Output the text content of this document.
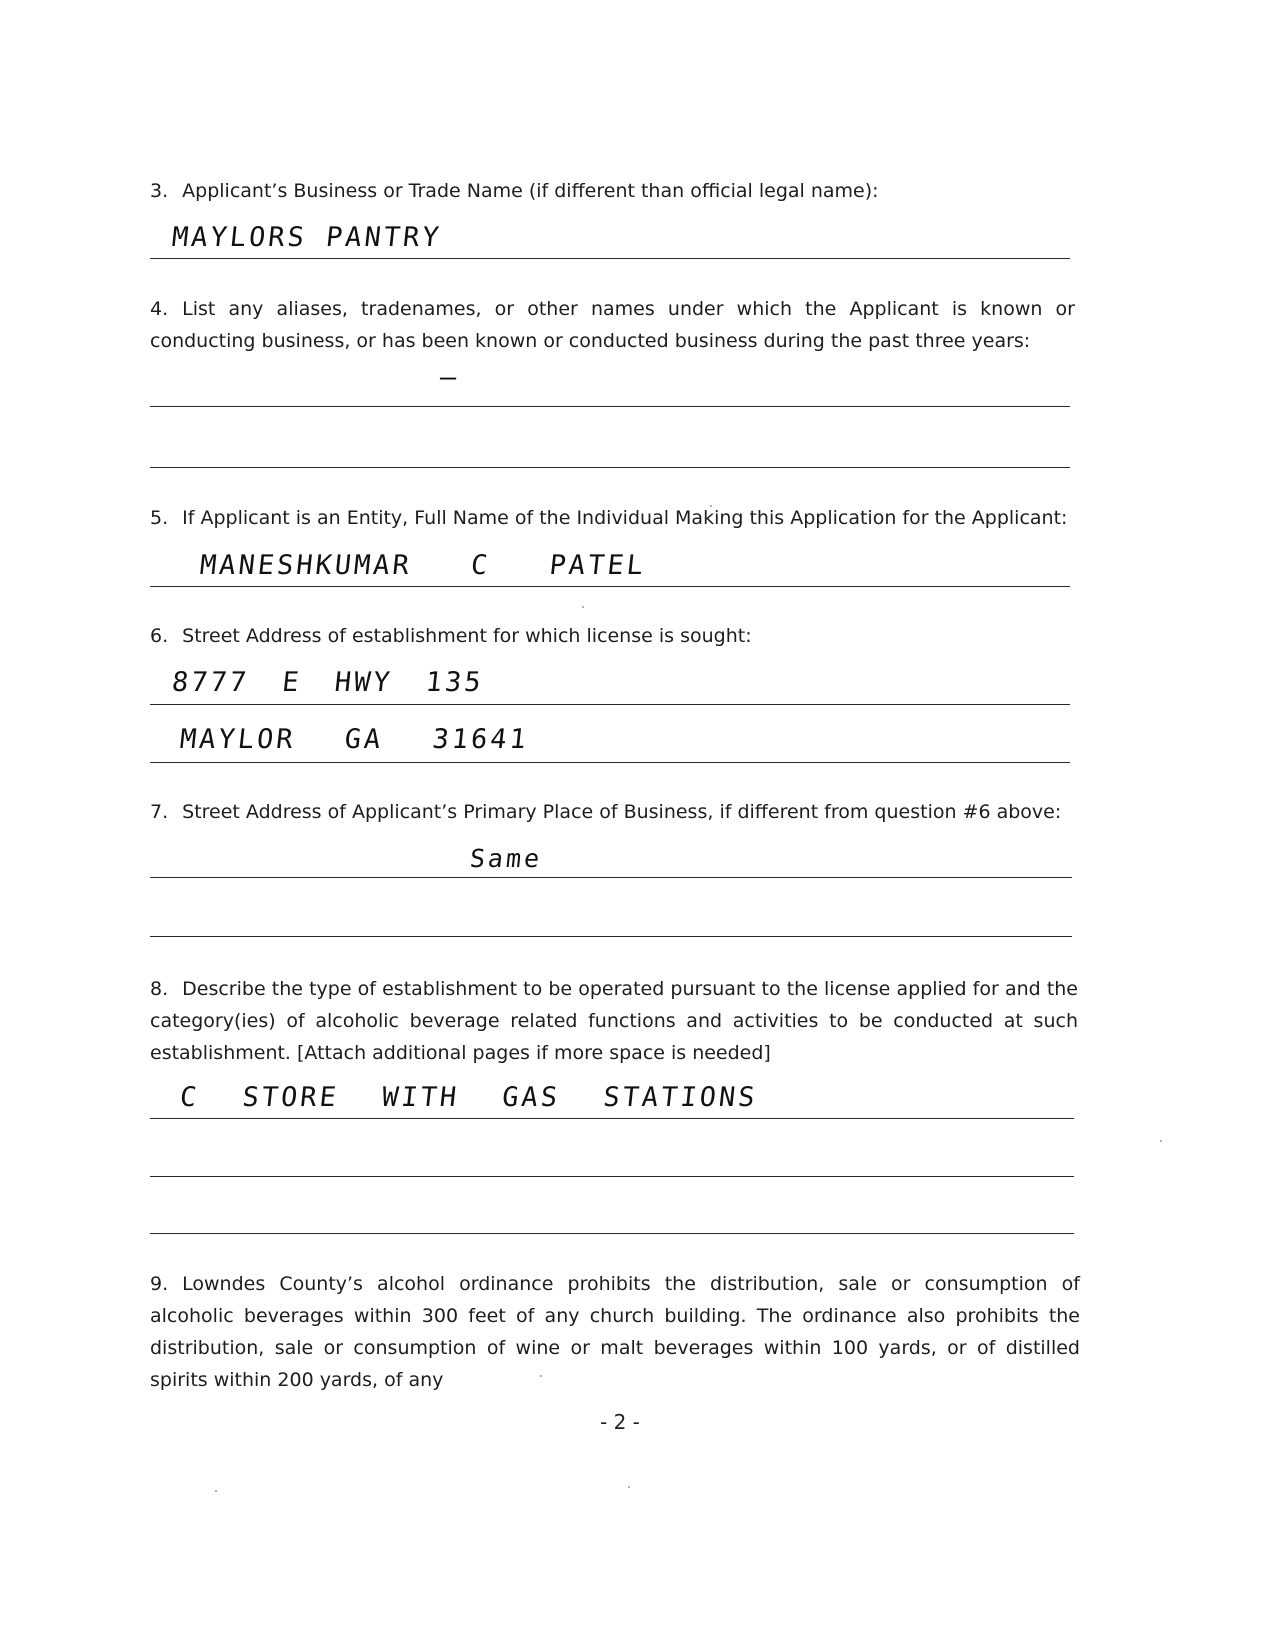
3. Applicant’s Business or Trade Name (if different than official legal name):
MAYLORS PANTRY
4. List any aliases, tradenames, or other names under which the Applicant is known or conducting business, or has been known or conducted business during the past three years:
—
5. If Applicant is an Entity, Full Name of the Individual Making this Application for the Applicant:
MANESHKUMAR C PATEL
6. Street Address of establishment for which license is sought:
8777 E HWY 135
MAYLOR GA 31641
7. Street Address of Applicant’s Primary Place of Business, if different from question #6 above:
Same
8. Describe the type of establishment to be operated pursuant to the license applied for and the category(ies) of alcoholic beverage related functions and activities to be conducted at such establishment. [Attach additional pages if more space is needed]
C STORE WITH GAS STATIONS
9. Lowndes County’s alcohol ordinance prohibits the distribution, sale or consumption of alcoholic beverages within 300 feet of any church building. The ordinance also prohibits the distribution, sale or consumption of wine or malt beverages within 100 yards, or of distilled spirits within 200 yards, of any
- 2 -
